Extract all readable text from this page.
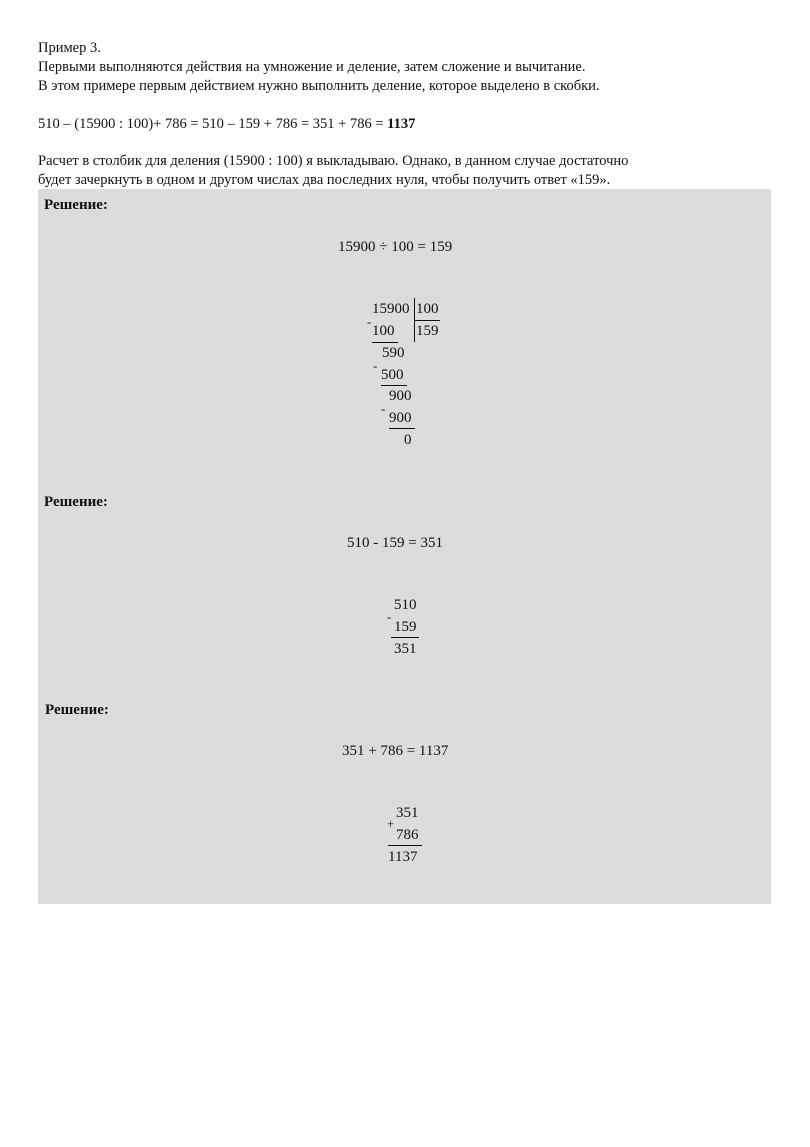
Пример 3.
Первыми выполняются действия на умножение и деление, затем сложение и вычитание.
В этом примере первым действием нужно выполнить деление, которое выделено в скобки.
510 – (15900 : 100)+ 786 = 510 – 159 + 786 = 351 + 786 = 1137
Расчет в столбик для деления (15900 : 100) я выкладываю. Однако, в данном случае достаточно
будет зачеркнуть в одном и другом числах два последних нуля, чтобы получить ответ «159».
Решение:
15900 ÷ 100 = 159
15900 100
159
-
100
590
-
500
900
-
900
0
Решение:
510 - 159 = 351
510
-
159
351
Решение:
351 + 786 = 1137
351
+
786
1137
